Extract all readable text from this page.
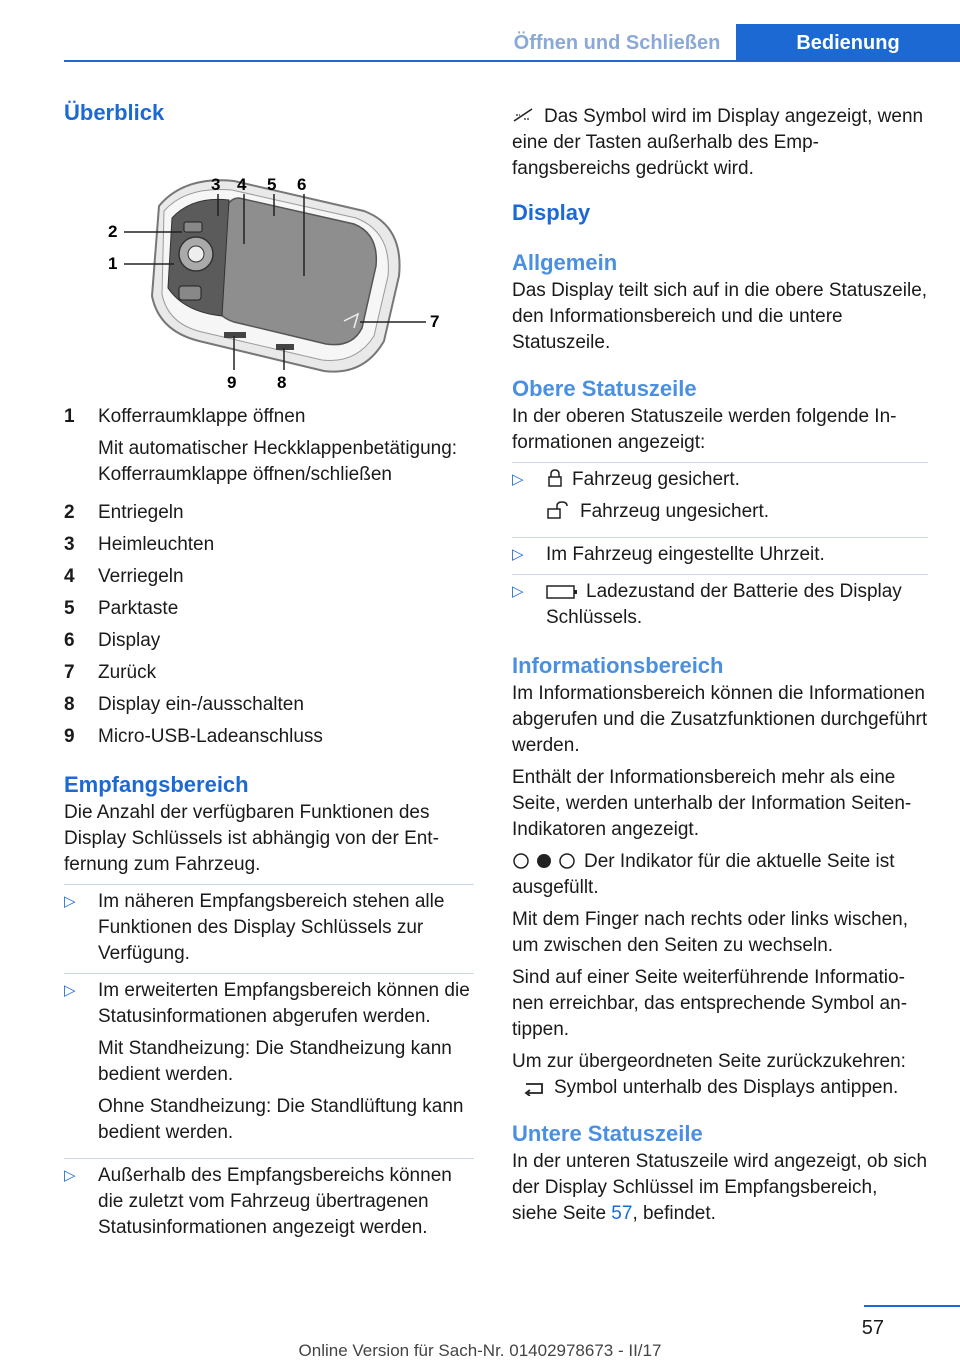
Öffnen und Schließen	Bedienung
Überblick
1
2
3 4 5 6
7
8
9
1	Kofferraumklappe öffnen

Mit automatischer Heckklappenbetätigung: Kofferraumklappe öffnen/schließen

2	Entriegeln
3	Heimleuchten
4	Verriegeln
5	Parktaste
6	Display
7	Zurück
8	Display ein-/ausschalten
9	Micro-USB-Ladeanschluss
Empfangsbereich

Die Anzahl der verfügbaren Funktionen des Display Schlüssels ist abhängig von der Entfernung zum Fahrzeug.

▷	Im näheren Empfangsbereich stehen alle Funktionen des Display Schlüssels zur Verfügung.
▷	Im erweiterten Empfangsbereich können die Statusinformationen abgerufen werden.

Mit Standheizung: Die Standheizung kann bedient werden.

Ohne Standheizung: Die Standlüftung kann bedient werden.

▷	Außerhalb des Empfangsbereichs können die zuletzt vom Fahrzeug übertragenen Statusinformationen angezeigt werden.

Das Symbol wird im Display angezeigt, wenn eine der Tasten außerhalb des Empfangsbereichs gedrückt wird.

Display
Allgemein

Das Display teilt sich auf in die obere Statuszeile, den Informationsbereich und die untere Statuszeile.

Obere Statuszeile

In der oberen Statuszeile werden folgende Informationen angezeigt:

▷	Fahrzeug gesichert.

Fahrzeug ungesichert.

▷	Im Fahrzeug eingestellte Uhrzeit.
▷	Ladezustand der Batterie des Display Schlüssels.
Informationsbereich

Im Informationsbereich können die Informationen abgerufen und die Zusatzfunktionen durchgeführt werden.

Enthält der Informationsbereich mehr als eine Seite, werden unterhalb der Information Seiten-Indikatoren angezeigt.

Der Indikator für die aktuelle Seite ist ausgefüllt.

Mit dem Finger nach rechts oder links wischen, um zwischen den Seiten zu wechseln.

Sind auf einer Seite weiterführende Informationen erreichbar, das entsprechende Symbol antippen.

Um zur übergeordneten Seite zurückzukehren: Symbol unterhalb des Displays antippen.

Untere Statuszeile

In der unteren Statuszeile wird angezeigt, ob sich der Display Schlüssel im Empfangsbereich, siehe Seite 57, befindet.

57
Online Version für Sach-Nr. 01402978673 - II/17
